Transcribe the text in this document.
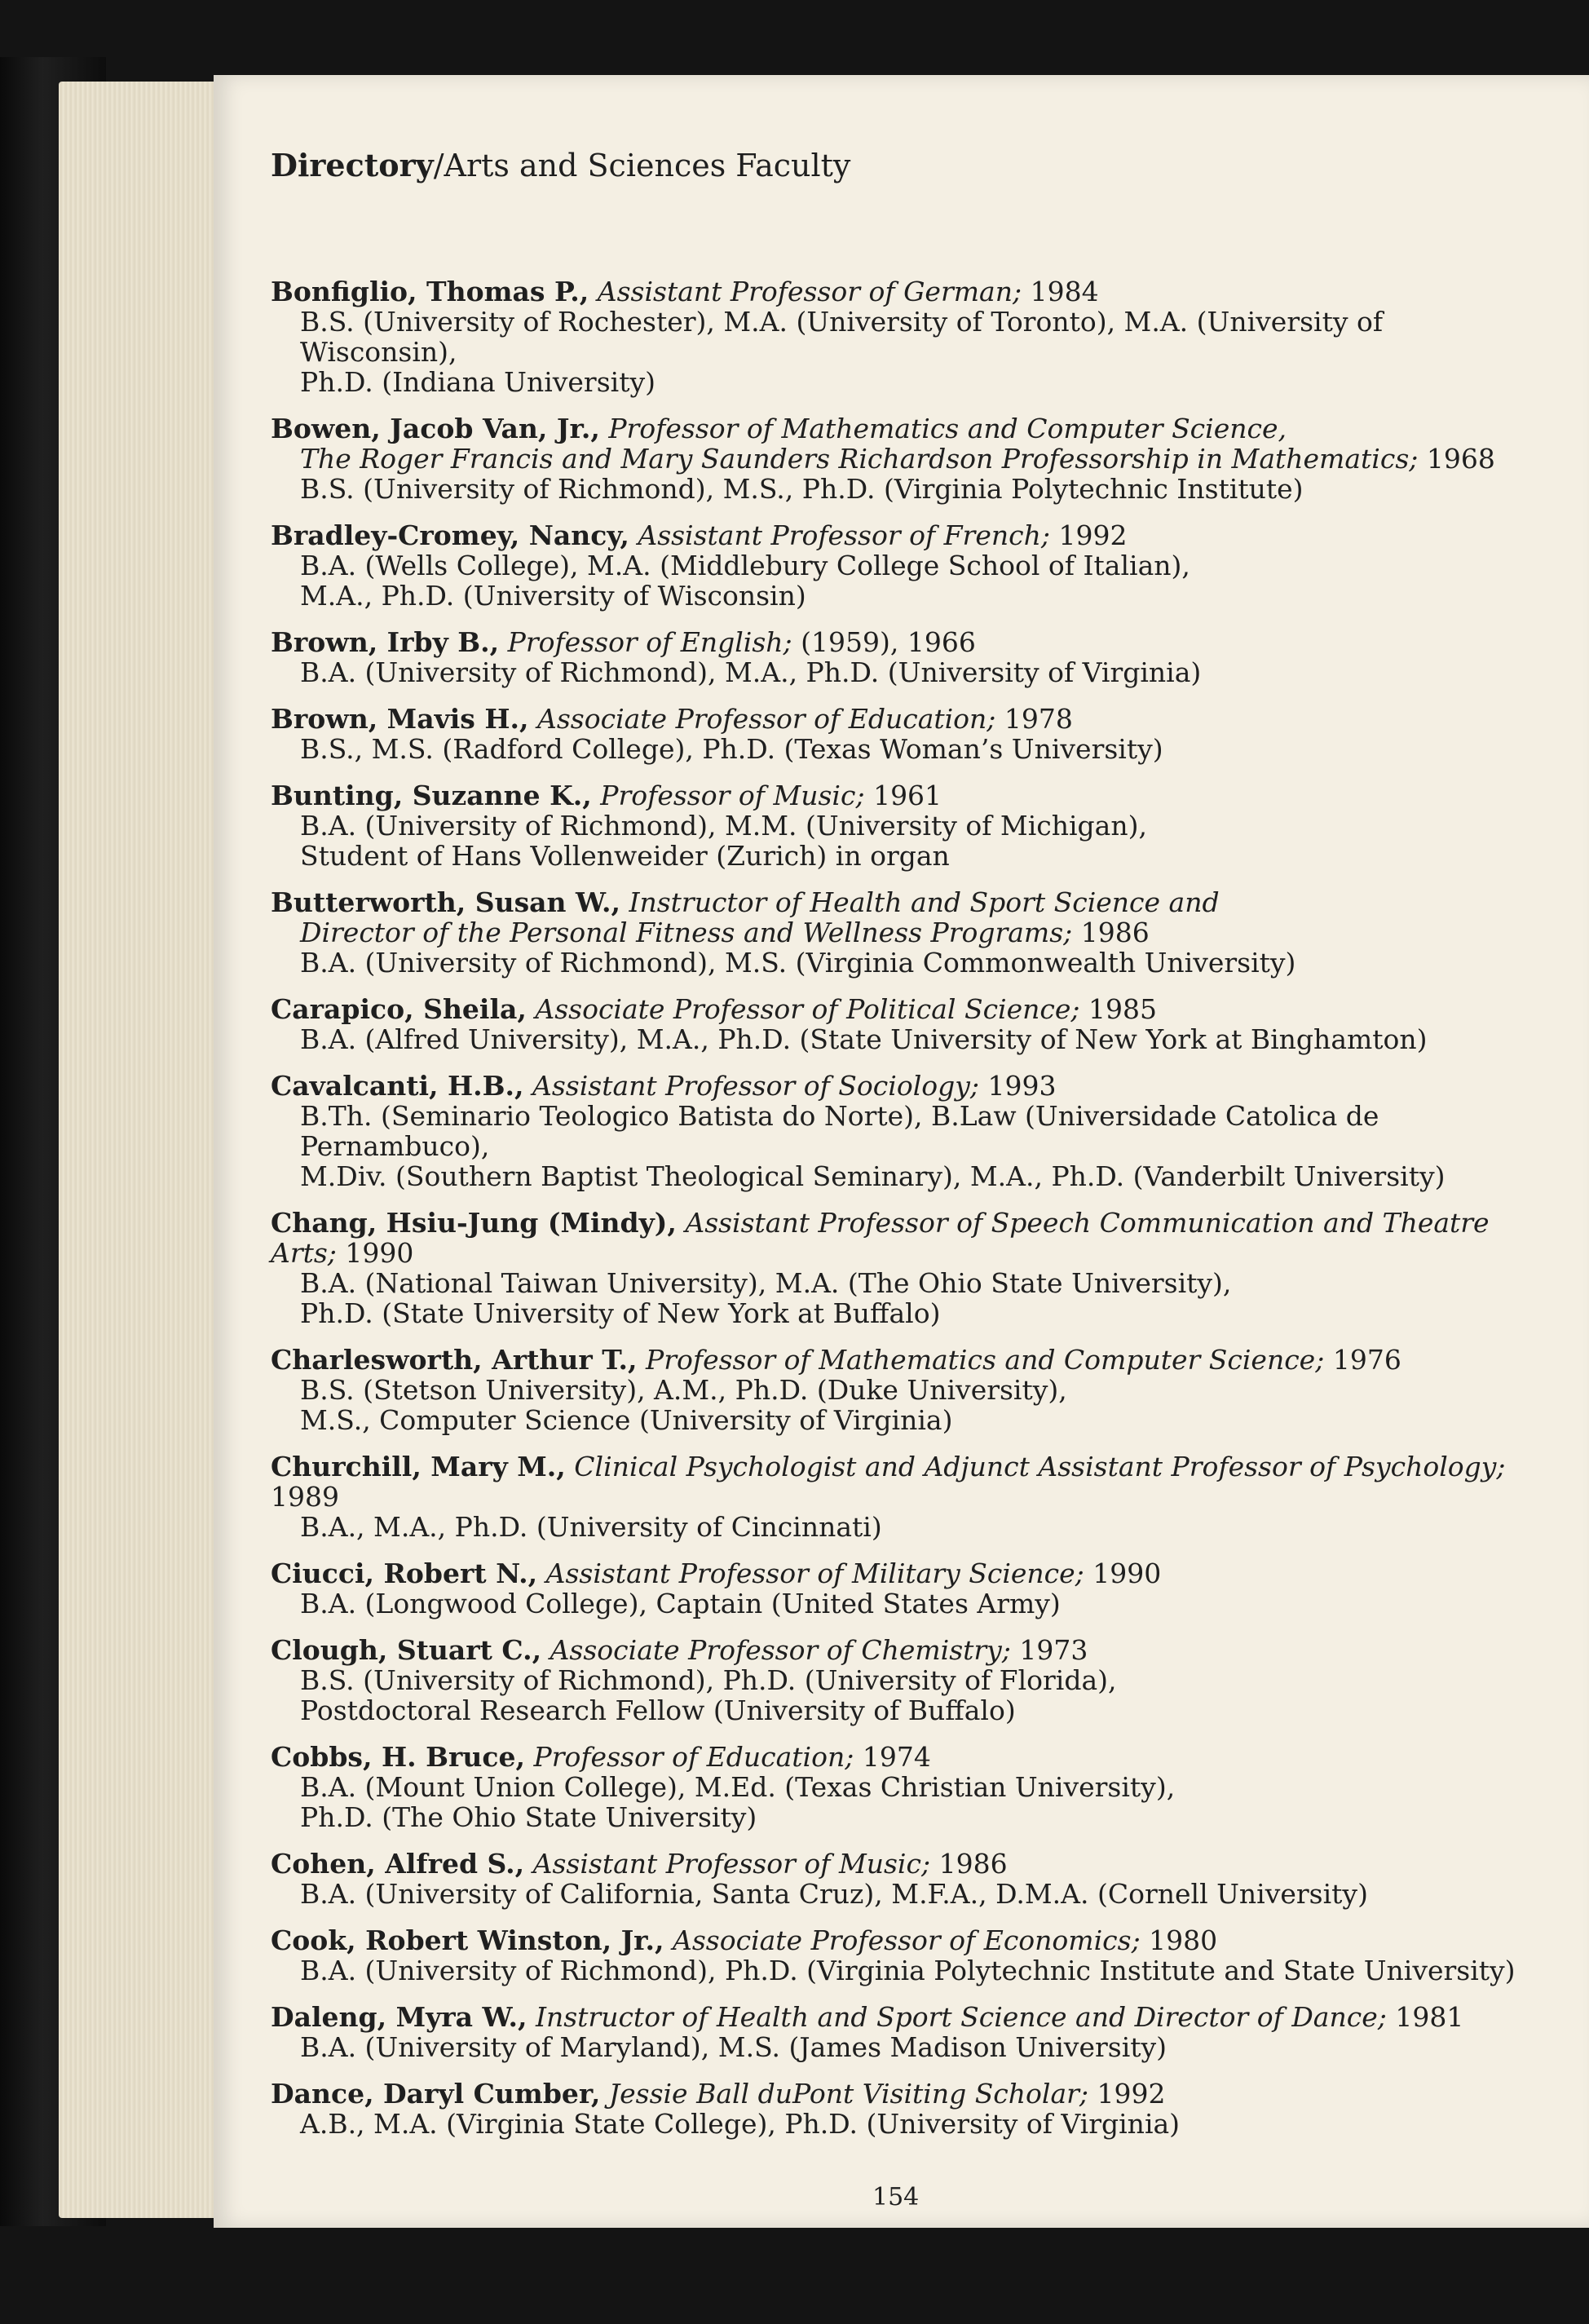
Directory/Arts and Sciences Faculty
Bonfiglio, Thomas P., Assistant Professor of German; 1984
B.S. (University of Rochester), M.A. (University of Toronto), M.A. (University of Wisconsin),
Ph.D. (Indiana University)
Bowen, Jacob Van, Jr., Professor of Mathematics and Computer Science,
The Roger Francis and Mary Saunders Richardson Professorship in Mathematics; 1968
B.S. (University of Richmond), M.S., Ph.D. (Virginia Polytechnic Institute)
Bradley-Cromey, Nancy, Assistant Professor of French; 1992
B.A. (Wells College), M.A. (Middlebury College School of Italian),
M.A., Ph.D. (University of Wisconsin)
Brown, Irby B., Professor of English; (1959), 1966
B.A. (University of Richmond), M.A., Ph.D. (University of Virginia)
Brown, Mavis H., Associate Professor of Education; 1978
B.S., M.S. (Radford College), Ph.D. (Texas Woman’s University)
Bunting, Suzanne K., Professor of Music; 1961
B.A. (University of Richmond), M.M. (University of Michigan),
Student of Hans Vollenweider (Zurich) in organ
Butterworth, Susan W., Instructor of Health and Sport Science and
Director of the Personal Fitness and Wellness Programs; 1986
B.A. (University of Richmond), M.S. (Virginia Commonwealth University)
Carapico, Sheila, Associate Professor of Political Science; 1985
B.A. (Alfred University), M.A., Ph.D. (State University of New York at Binghamton)
Cavalcanti, H.B., Assistant Professor of Sociology; 1993
B.Th. (Seminario Teologico Batista do Norte), B.Law (Universidade Catolica de Pernambuco),
M.Div. (Southern Baptist Theological Seminary), M.A., Ph.D. (Vanderbilt University)
Chang, Hsiu-Jung (Mindy), Assistant Professor of Speech Communication and Theatre Arts; 1990
B.A. (National Taiwan University), M.A. (The Ohio State University),
Ph.D. (State University of New York at Buffalo)
Charlesworth, Arthur T., Professor of Mathematics and Computer Science; 1976
B.S. (Stetson University), A.M., Ph.D. (Duke University),
M.S., Computer Science (University of Virginia)
Churchill, Mary M., Clinical Psychologist and Adjunct Assistant Professor of Psychology; 1989
B.A., M.A., Ph.D. (University of Cincinnati)
Ciucci, Robert N., Assistant Professor of Military Science; 1990
B.A. (Longwood College), Captain (United States Army)
Clough, Stuart C., Associate Professor of Chemistry; 1973
B.S. (University of Richmond), Ph.D. (University of Florida),
Postdoctoral Research Fellow (University of Buffalo)
Cobbs, H. Bruce, Professor of Education; 1974
B.A. (Mount Union College), M.Ed. (Texas Christian University),
Ph.D. (The Ohio State University)
Cohen, Alfred S., Assistant Professor of Music; 1986
B.A. (University of California, Santa Cruz), M.F.A., D.M.A. (Cornell University)
Cook, Robert Winston, Jr., Associate Professor of Economics; 1980
B.A. (University of Richmond), Ph.D. (Virginia Polytechnic Institute and State University)
Daleng, Myra W., Instructor of Health and Sport Science and Director of Dance; 1981
B.A. (University of Maryland), M.S. (James Madison University)
Dance, Daryl Cumber, Jessie Ball duPont Visiting Scholar; 1992
A.B., M.A. (Virginia State College), Ph.D. (University of Virginia)
154
